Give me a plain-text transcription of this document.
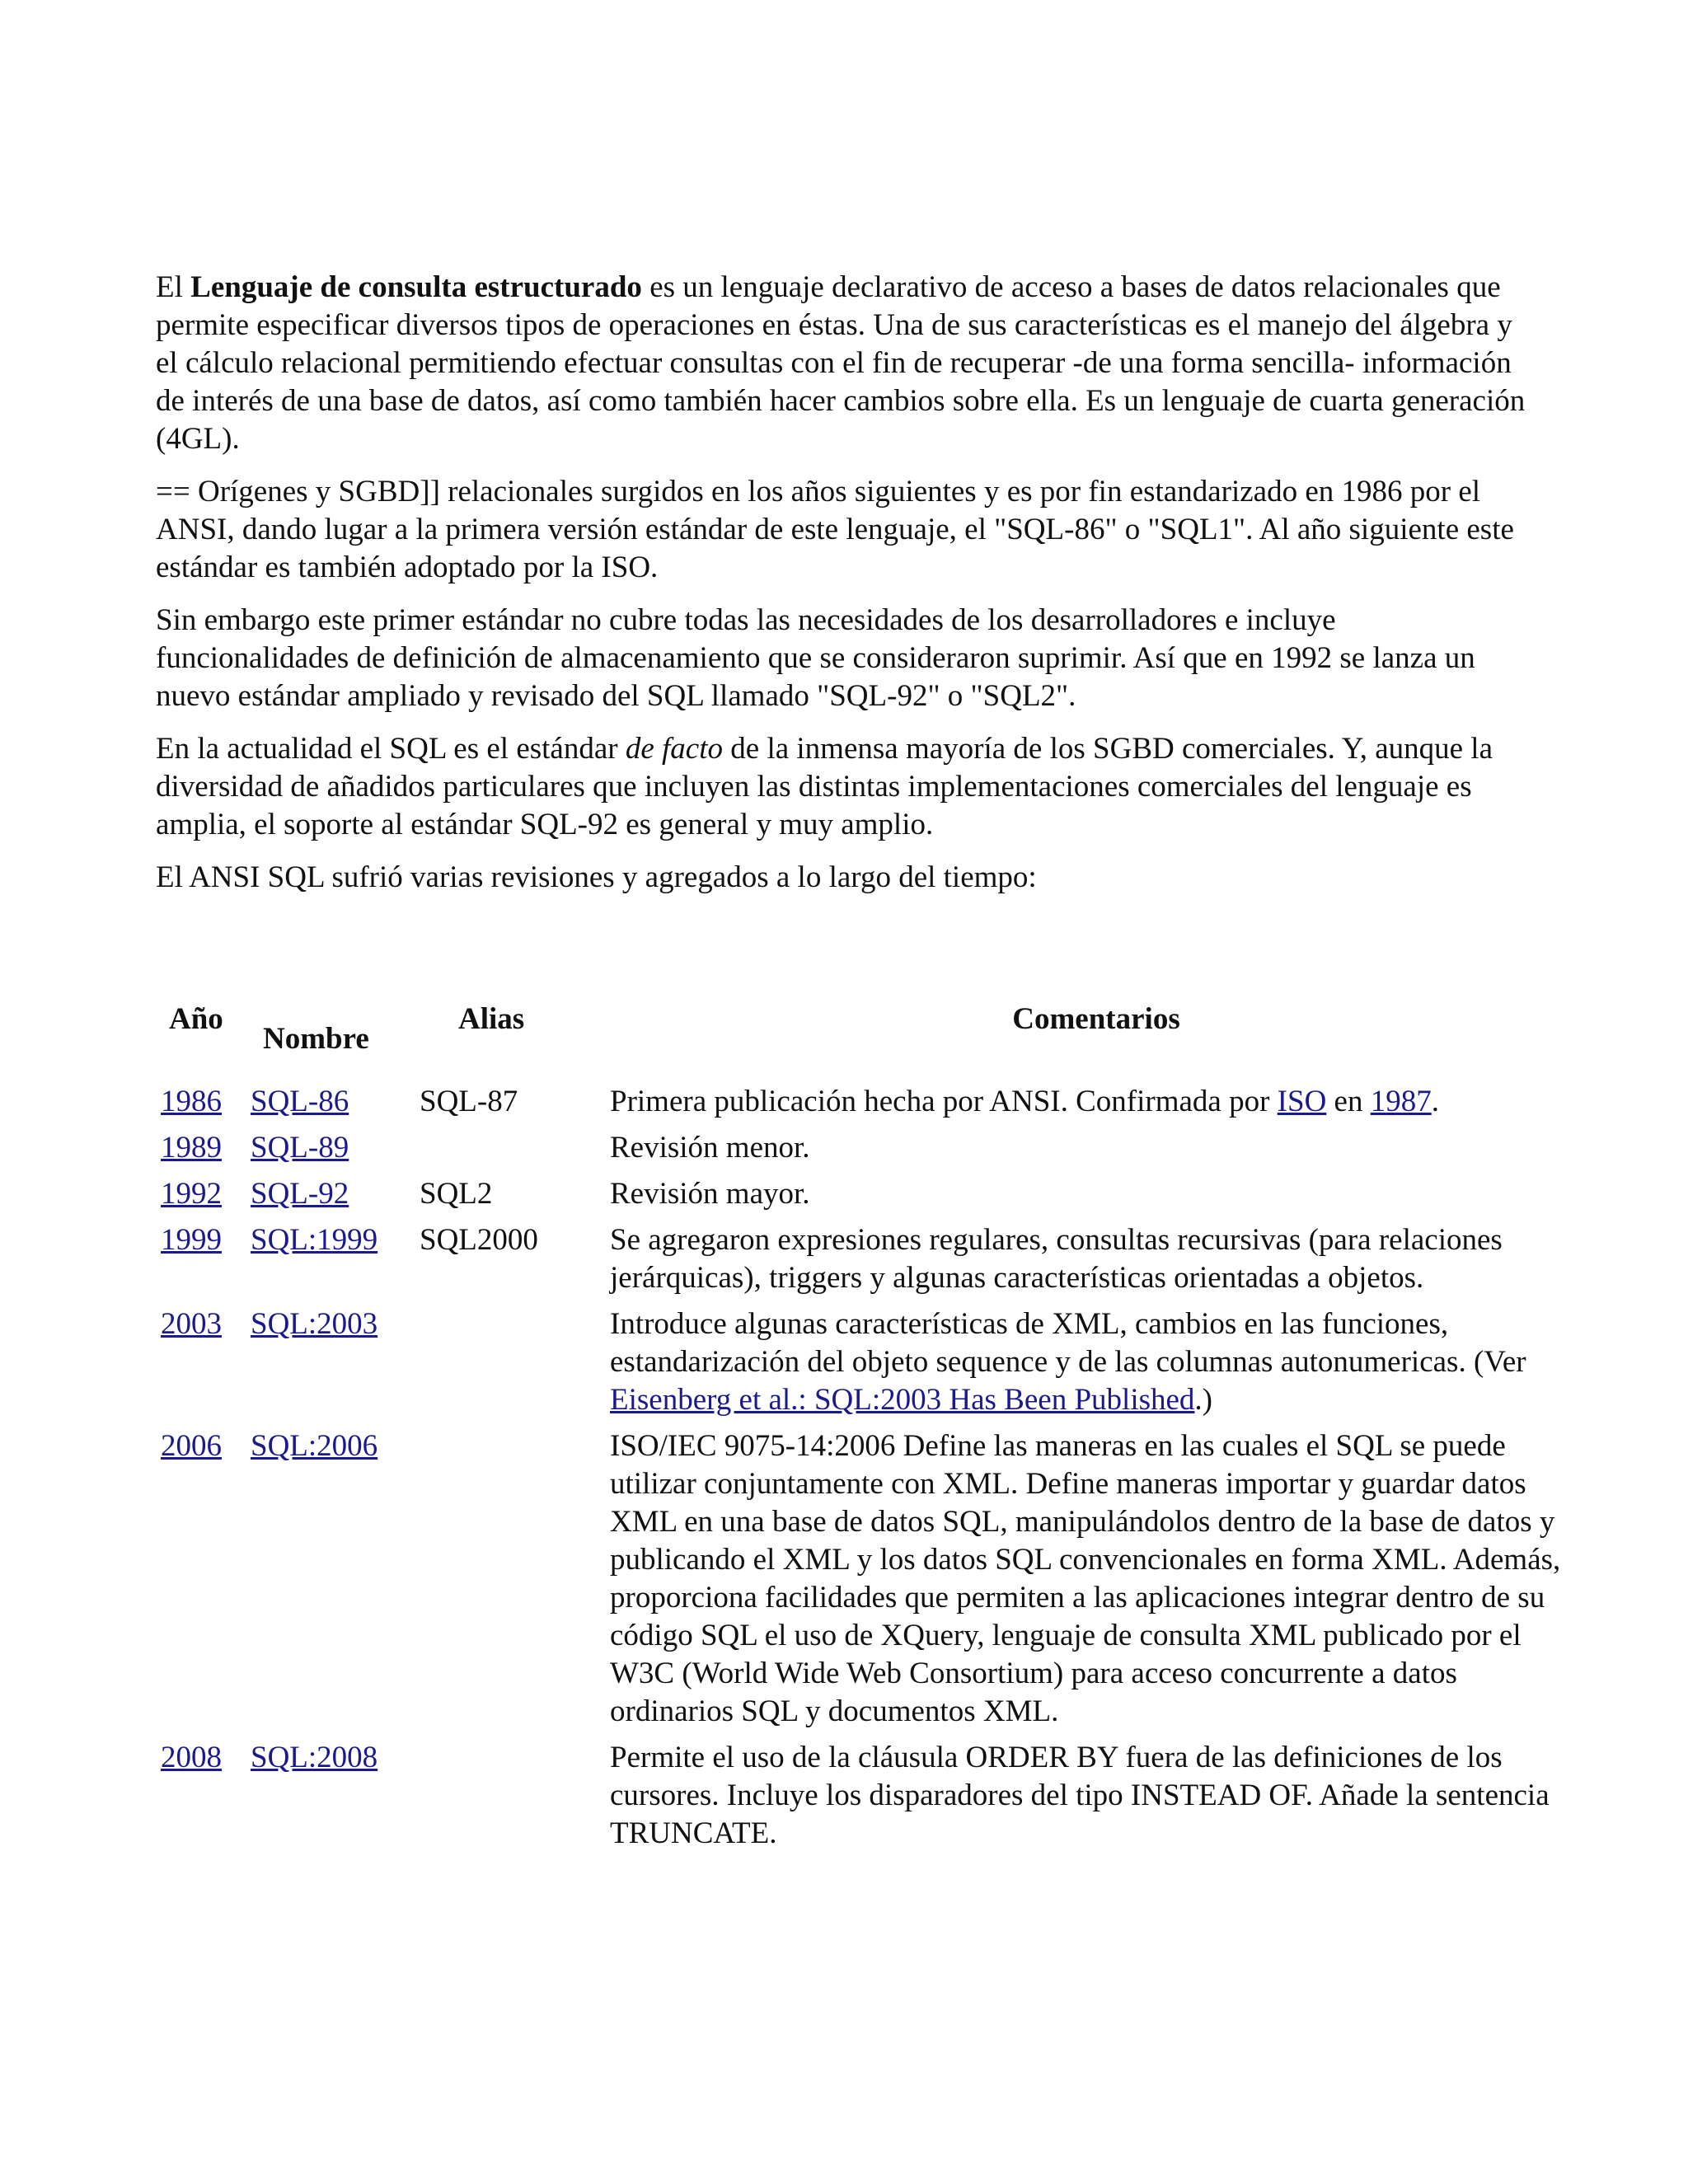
El Lenguaje de consulta estructurado es un lenguaje declarativo de acceso a bases de datos relacionales que permite especificar diversos tipos de operaciones en éstas. Una de sus características es el manejo del álgebra y el cálculo relacional permitiendo efectuar consultas con el fin de recuperar -de una forma sencilla- información de interés de una base de datos, así como también hacer cambios sobre ella. Es un lenguaje de cuarta generación (4GL).

== Orígenes y SGBD]] relacionales surgidos en los años siguientes y es por fin estandarizado en 1986 por el ANSI, dando lugar a la primera versión estándar de este lenguaje, el "SQL-86" o "SQL1". Al año siguiente este estándar es también adoptado por la ISO.

Sin embargo este primer estándar no cubre todas las necesidades de los desarrolladores e incluye funcionalidades de definición de almacenamiento que se consideraron suprimir. Así que en 1992 se lanza un nuevo estándar ampliado y revisado del SQL llamado "SQL-92" o "SQL2".

En la actualidad el SQL es el estándar de facto de la inmensa mayoría de los SGBD comerciales. Y, aunque la diversidad de añadidos particulares que incluyen las distintas implementaciones comerciales del lenguaje es amplia, el soporte al estándar SQL-92 es general y muy amplio.

El ANSI SQL sufrió varias revisiones y agregados a lo largo del tiempo:

Año	Nombre	Alias	Comentarios
1986	SQL-86	SQL-87	Primera publicación hecha por ANSI. Confirmada por ISO en 1987.
1989	SQL-89		Revisión menor.
1992	SQL-92	SQL2	Revisión mayor.
1999	SQL:1999	SQL2000	Se agregaron expresiones regulares, consultas recursivas (para relaciones jerárquicas), triggers y algunas características orientadas a objetos.
2003	SQL:2003		Introduce algunas características de XML, cambios en las funciones, estandarización del objeto sequence y de las columnas autonumericas. (Ver Eisenberg et al.: SQL:2003 Has Been Published.)
2006	SQL:2006		ISO/IEC 9075-14:2006 Define las maneras en las cuales el SQL se puede utilizar conjuntamente con XML. Define maneras importar y guardar datos XML en una base de datos SQL, manipulándolos dentro de la base de datos y publicando el XML y los datos SQL convencionales en forma XML. Además, proporciona facilidades que permiten a las aplicaciones integrar dentro de su código SQL el uso de XQuery, lenguaje de consulta XML publicado por el W3C (World Wide Web Consortium) para acceso concurrente a datos ordinarios SQL y documentos XML.
2008	SQL:2008		Permite el uso de la cláusula ORDER BY fuera de las definiciones de los cursores. Incluye los disparadores del tipo INSTEAD OF. Añade la sentencia TRUNCATE.
